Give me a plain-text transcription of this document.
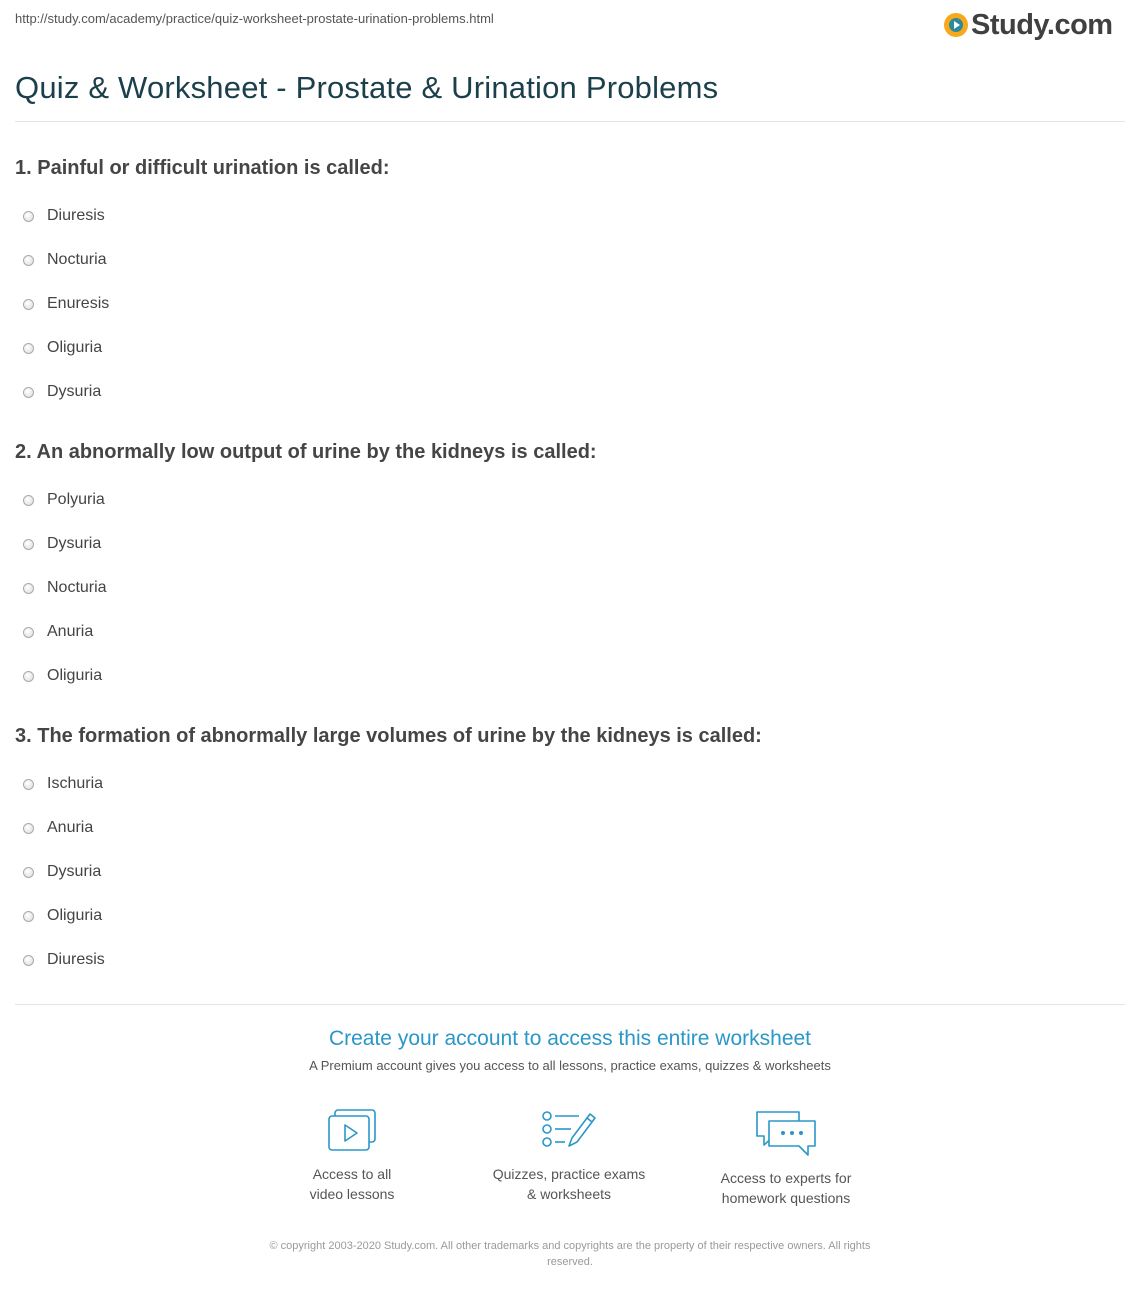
http://study.com/academy/practice/quiz-worksheet-prostate-urination-problems.html	Study.com
Quiz & Worksheet - Prostate & Urination Problems
1. Painful or difficult urination is called:
Diuresis
Nocturia
Enuresis
Oliguria
Dysuria
2. An abnormally low output of urine by the kidneys is called:
Polyuria
Dysuria
Nocturia
Anuria
Oliguria
3. The formation of abnormally large volumes of urine by the kidneys is called:
Ischuria
Anuria
Dysuria
Oliguria
Diuresis
Create your account to access this entire worksheet
A Premium account gives you access to all lessons, practice exams, quizzes & worksheets
Access to all
video lessons
Quizzes, practice exams
& worksheets
Access to experts for
homework questions
© copyright 2003-2020 Study.com. All other trademarks and copyrights are the property of their respective owners. All rights
reserved.
